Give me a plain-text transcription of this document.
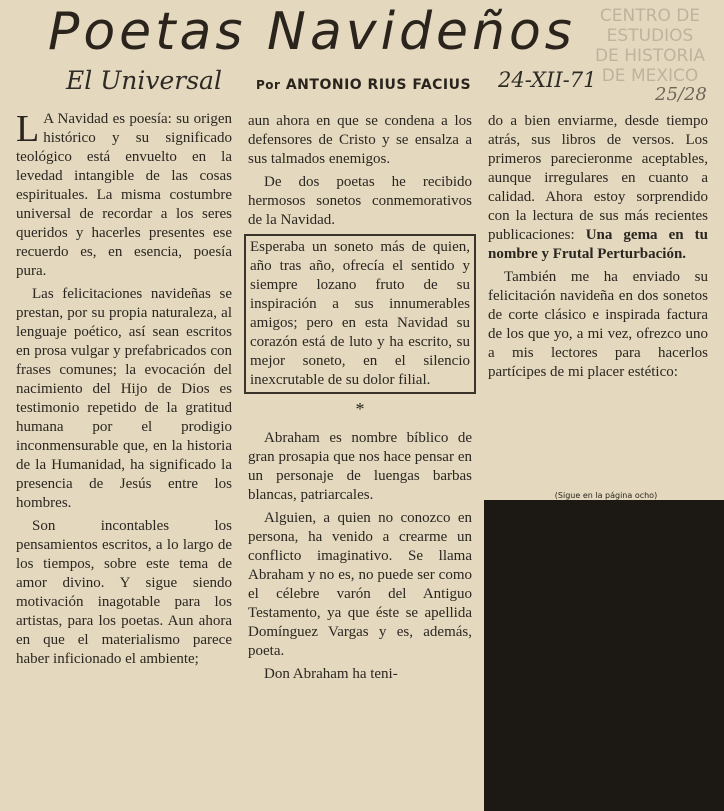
Poetas Navideños	CENTRO DE
ESTUDIOS
DE HISTORIA
DE MEXICO
El Universal	24-XII-71
25/28
Por ANTONIO RIUS FACIUS

L A Navidad es poesía: su origen histórico y su significado teológico está envuelto en la levedad intangible de las cosas espirituales. La misma costumbre universal de recordar a los seres queridos y hacerles presentes ese recuerdo es, en esencia, poesía pura.

Las felicitaciones navideñas se prestan, por su propia naturaleza, al lenguaje poético, así sean escritos en prosa vulgar y prefabricados con frases comunes; la evocación del nacimiento del Hijo de Dios es testimonio repetido de la gratitud humana por el prodigio inconmensurable que, en la historia de la Humanidad, ha significado la presencia de Jesús entre los hombres.

Son incontables los pensamientos escritos, a lo largo de los tiempos, sobre este tema de amor divino. Y sigue siendo motivación inagotable para los artistas, para los poetas. Aun ahora en que el materialismo parece haber inficionado el ambiente;

aun ahora en que se condena a los defensores de Cristo y se ensalza a sus talmados enemigos.

De dos poetas he recibido hermosos sonetos conmemorativos de la Navidad.

Esperaba un soneto más de quien, año tras año, ofrecía el sentido y siempre lozano fruto de su inspiración a sus innumerables amigos; pero en esta Navidad su corazón está de luto y ha escrito, su mejor soneto, en el silencio inexcrutable de su dolor filial.

*

Abraham es nombre bíblico de gran prosapia que nos hace pensar en un personaje de luengas barbas blancas, patriarcales.

Alguien, a quien no conozco en persona, ha venido a crearme un conflicto imaginativo. Se llama Abraham y no es, no puede ser como el célebre varón del Antiguo Testamento, ya que éste se apellida Domínguez Vargas y es, además, poeta.

Don Abraham ha teni-

do a bien enviarme, desde tiempo atrás, sus libros de versos. Los primeros parecieronme aceptables, aunque irregulares en cuanto a calidad. Ahora estoy sorprendido con la lectura de sus más recientes publicaciones: Una gema en tu nombre y Frutal Perturbación.

También me ha enviado su felicitación navideña en dos sonetos de corte clásico e inspirada factura de los que yo, a mi vez, ofrezco uno a mis lectores para hacerlos partícipes de mi placer estético:

(Sigue en la página ocho)
